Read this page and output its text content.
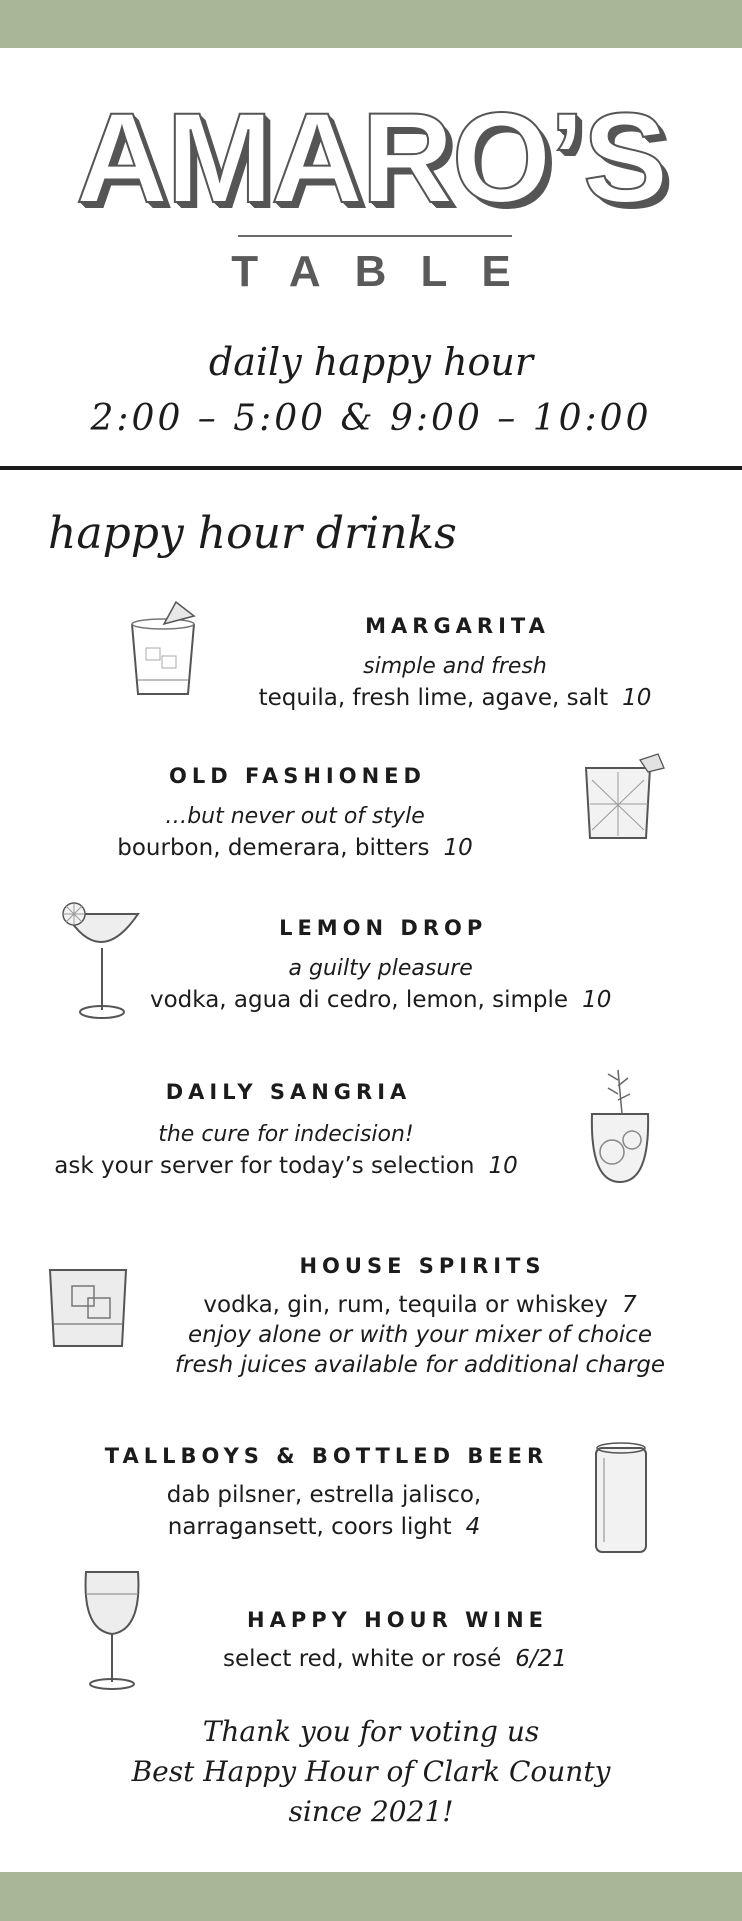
AMARO’S
TABLE
daily happy hour
2:00 – 5:00 & 9:00 – 10:00
happy hour drinks
MARGARITA
simple and fresh
tequila, fresh lime, agave, salt 10
OLD FASHIONED
…but never out of style
bourbon, demerara, bitters 10
LEMON DROP
a guilty pleasure
vodka, agua di cedro, lemon, simple 10
DAILY SANGRIA
the cure for indecision!
ask your server for today’s selection 10
HOUSE SPIRITS
vodka, gin, rum, tequila or whiskey 7
enjoy alone or with your mixer of choice
fresh juices available for additional charge
TALLBOYS & BOTTLED BEER
dab pilsner, estrella jalisco,
narragansett, coors light 4
HAPPY HOUR WINE
select red, white or rosé 6/21
Thank you for voting us
Best Happy Hour of Clark County
since 2021!
